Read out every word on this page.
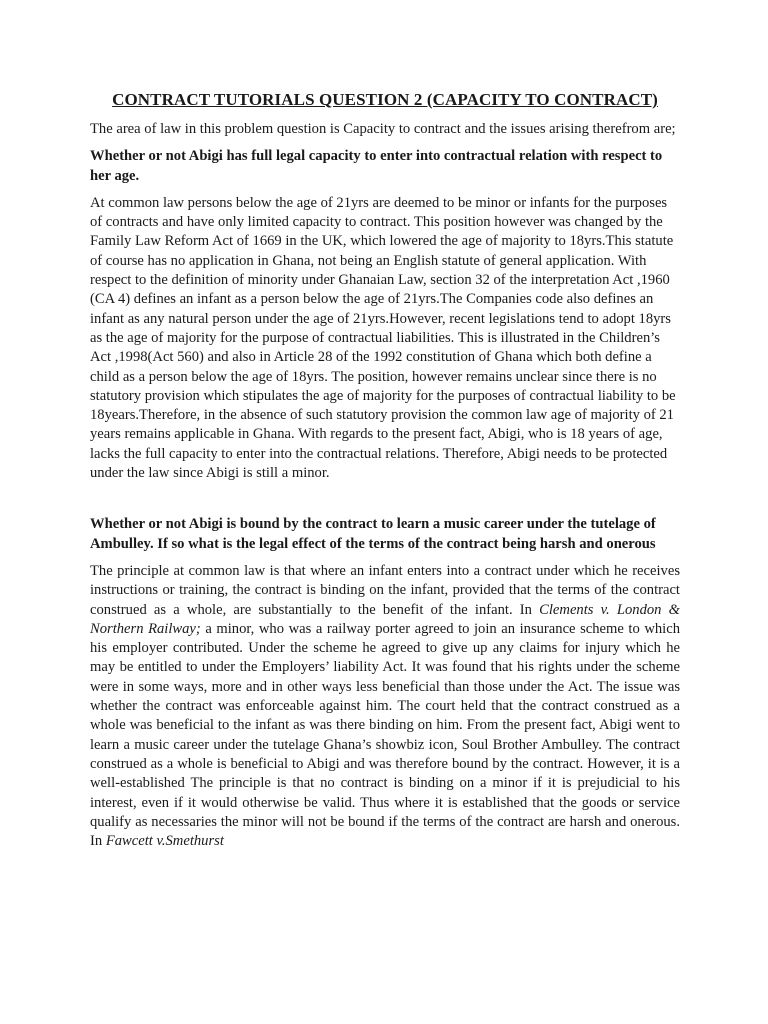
CONTRACT TUTORIALS QUESTION 2 (CAPACITY TO CONTRACT)

The area of law in this problem question is Capacity to contract and the issues arising therefrom are;

Whether or not Abigi has full legal capacity to enter into contractual relation with respect to her age.

At common law persons below the age of 21yrs are deemed to be minor or infants for the purposes of contracts and have only limited capacity to contract. This position however was changed by the Family Law Reform Act of 1669 in the UK, which lowered the age of majority to 18yrs.This statute of course has no application in Ghana, not being an English statute of general application. With respect to the definition of minority under Ghanaian Law, section 32 of the interpretation Act ,1960 (CA 4) defines an infant as a person below the age of 21yrs.The Companies code also defines an infant as any natural person under the age of 21yrs.However, recent legislations tend to adopt 18yrs as the age of majority for the purpose of contractual liabilities. This is illustrated in the Children’s Act ,1998(Act 560) and also in Article 28 of the 1992 constitution of Ghana which both define a child as a person below the age of 18yrs. The position, however remains unclear since there is no statutory provision which stipulates the age of majority for the purposes of contractual liability to be 18years.Therefore, in the absence of such statutory provision the common law age of majority of 21 years remains applicable in Ghana. With regards to the present fact, Abigi, who is 18 years of age, lacks the full capacity to enter into the contractual relations. Therefore, Abigi needs to be protected under the law since Abigi is still a minor.

Whether or not Abigi is bound by the contract to learn a music career under the tutelage of Ambulley. If so what is the legal effect of the terms of the contract being harsh and onerous

The principle at common law is that where an infant enters into a contract under which he receives instructions or training, the contract is binding on the infant, provided that the terms of the contract construed as a whole, are substantially to the benefit of the infant. In Clements v. London & Northern Railway; a minor, who was a railway porter agreed to join an insurance scheme to which his employer contributed. Under the scheme he agreed to give up any claims for injury which he may be entitled to under the Employers’ liability Act. It was found that his rights under the scheme were in some ways, more and in other ways less beneficial than those under the Act. The issue was whether the contract was enforceable against him. The court held that the contract construed as a whole was beneficial to the infant as was there binding on him. From the present fact, Abigi went to learn a music career under the tutelage Ghana’s showbiz icon, Soul Brother Ambulley. The contract construed as a whole is beneficial to Abigi and was therefore bound by the contract. However, it is a well-established The principle is that no contract is binding on a minor if it is prejudicial to his interest, even if it would otherwise be valid. Thus where it is established that the goods or service qualify as necessaries the minor will not be bound if the terms of the contract are harsh and onerous. In Fawcett v.Smethurst
